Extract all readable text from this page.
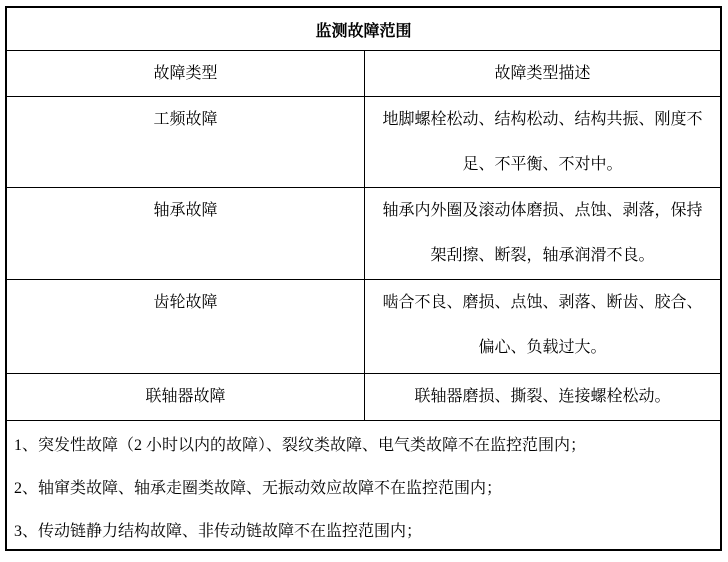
监测故障范围
故障类型	故障类型描述
工频故障	地脚螺栓松动、结构松动、结构共振、刚度不足、不平衡、不对中。
轴承故障	轴承内外圈及滚动体磨损、点蚀、剥落，保持架刮擦、断裂，轴承润滑不良。
齿轮故障	啮合不良、磨损、点蚀、剥落、断齿、胶合、偏心、负载过大。
联轴器故障	联轴器磨损、撕裂、连接螺栓松动。
1、突发性故障（2 小时以内的故障）、裂纹类故障、电气类故障不在监控范围内；
2、轴窜类故障、轴承走圈类故障、无振动效应故障不在监控范围内；
3、传动链静力结构故障、非传动链故障不在监控范围内；
